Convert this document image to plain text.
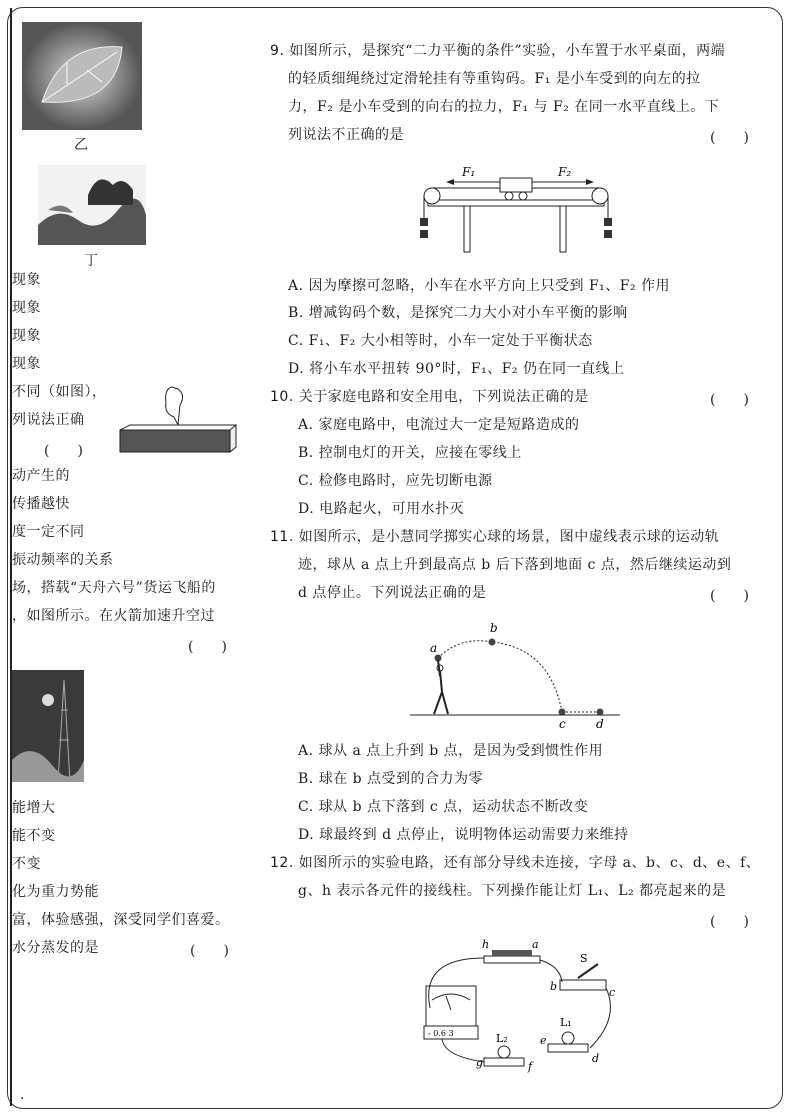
乙
丁
现象
现象
现象
现象
不同（如图），
列说法正确
(　　)
动产生的
传播越快
度一定不同
振动频率的关系
场，搭载“天舟六号”货运飞船的
，如图所示。在火箭加速升空过
(　　)
能增大
能不变
不变
化为重力势能
富，体验感强，深受同学们喜爱。
水分蒸发的是	(　　)
9. 如图所示，是探究“二力平衡的条件”实验，小车置于水平桌面，两端
的轻质细绳绕过定滑轮挂有等重钩码。F₁ 是小车受到的向左的拉
力，F₂ 是小车受到的向右的拉力，F₁ 与 F₂ 在同一水平直线上。下
列说法不正确的是	(　　)
F₁	F₂
A. 因为摩擦可忽略，小车在水平方向上只受到 F₁、F₂ 作用
B. 增减钩码个数，是探究二力大小对小车平衡的影响
C. F₁、F₂ 大小相等时，小车一定处于平衡状态
D. 将小车水平扭转 90°时，F₁、F₂ 仍在同一直线上
10. 关于家庭电路和安全用电，下列说法正确的是	(　　)
A. 家庭电路中，电流过大一定是短路造成的
B. 控制电灯的开关，应接在零线上
C. 检修电路时，应先切断电源
D. 电路起火，可用水扑灭
11. 如图所示，是小慧同学掷实心球的场景，图中虚线表示球的运动轨
迹，球从 a 点上升到最高点 b 后下落到地面 c 点，然后继续运动到
d 点停止。下列说法正确的是	(　　)
a
b
c	d
A. 球从 a 点上升到 b 点，是因为受到惯性作用
B. 球在 b 点受到的合力为零
C. 球从 b 点下落到 c 点，运动状态不断改变
D. 球最终到 d 点停止，说明物体运动需要力来维持
12. 如图所示的实验电路，还有部分导线未连接，字母 a、b、c、d、e、f、
g、h 表示各元件的接线柱。下列操作能让灯 L₁、L₂ 都亮起来的是
(　　)
h	a
S
b	c
L₁
e
d
L₂
g	f
- 0.6 3
.
